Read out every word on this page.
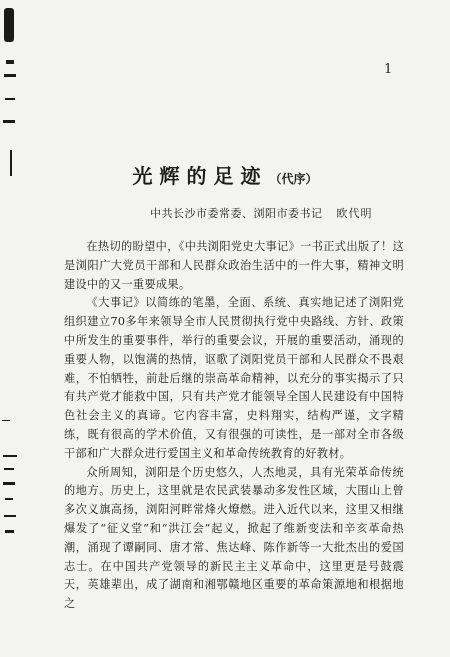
1
光辉的足迹 （代序）
中共长沙市委常委、浏阳市委书记 欧代明

在热切的盼望中，《中共浏阳党史大事记》一书正式出版了！这是浏阳广大党员干部和人民群众政治生活中的一件大事，精神文明建设中的又一重要成果。

《大事记》以简练的笔墨，全面、系统、真实地记述了浏阳党组织建立70多年来领导全市人民贯彻执行党中央路线、方针、政策中所发生的重要事件，举行的重要会议，开展的重要活动，涌现的重要人物，以饱满的热情，讴歌了浏阳党员干部和人民群众不畏艰难，不怕牺牲，前赴后继的崇高革命精神，以充分的事实揭示了只有共产党才能救中国，只有共产党才能领导全国人民建设有中国特色社会主义的真谛。它内容丰富，史料翔实，结构严谨，文字精练，既有很高的学术价值，又有很强的可读性，是一部对全市各级干部和广大群众进行爱国主义和革命传统教育的好教材。

众所周知，浏阳是个历史悠久，人杰地灵，具有光荣革命传统的地方。历史上，这里就是农民武装暴动多发性区域，大围山上曾多次义旗高扬，浏阳河畔常烽火燎燃。进入近代以来，这里又相继爆发了“征义堂”和“洪江会”起义，掀起了维新变法和辛亥革命热潮，涌现了谭嗣同、唐才常、焦达峰、陈作新等一大批杰出的爱国志士。在中国共产党领导的新民主主义革命中，这里更是号鼓震天，英雄辈出，成了湖南和湘鄂赣地区重要的革命策源地和根据地之
